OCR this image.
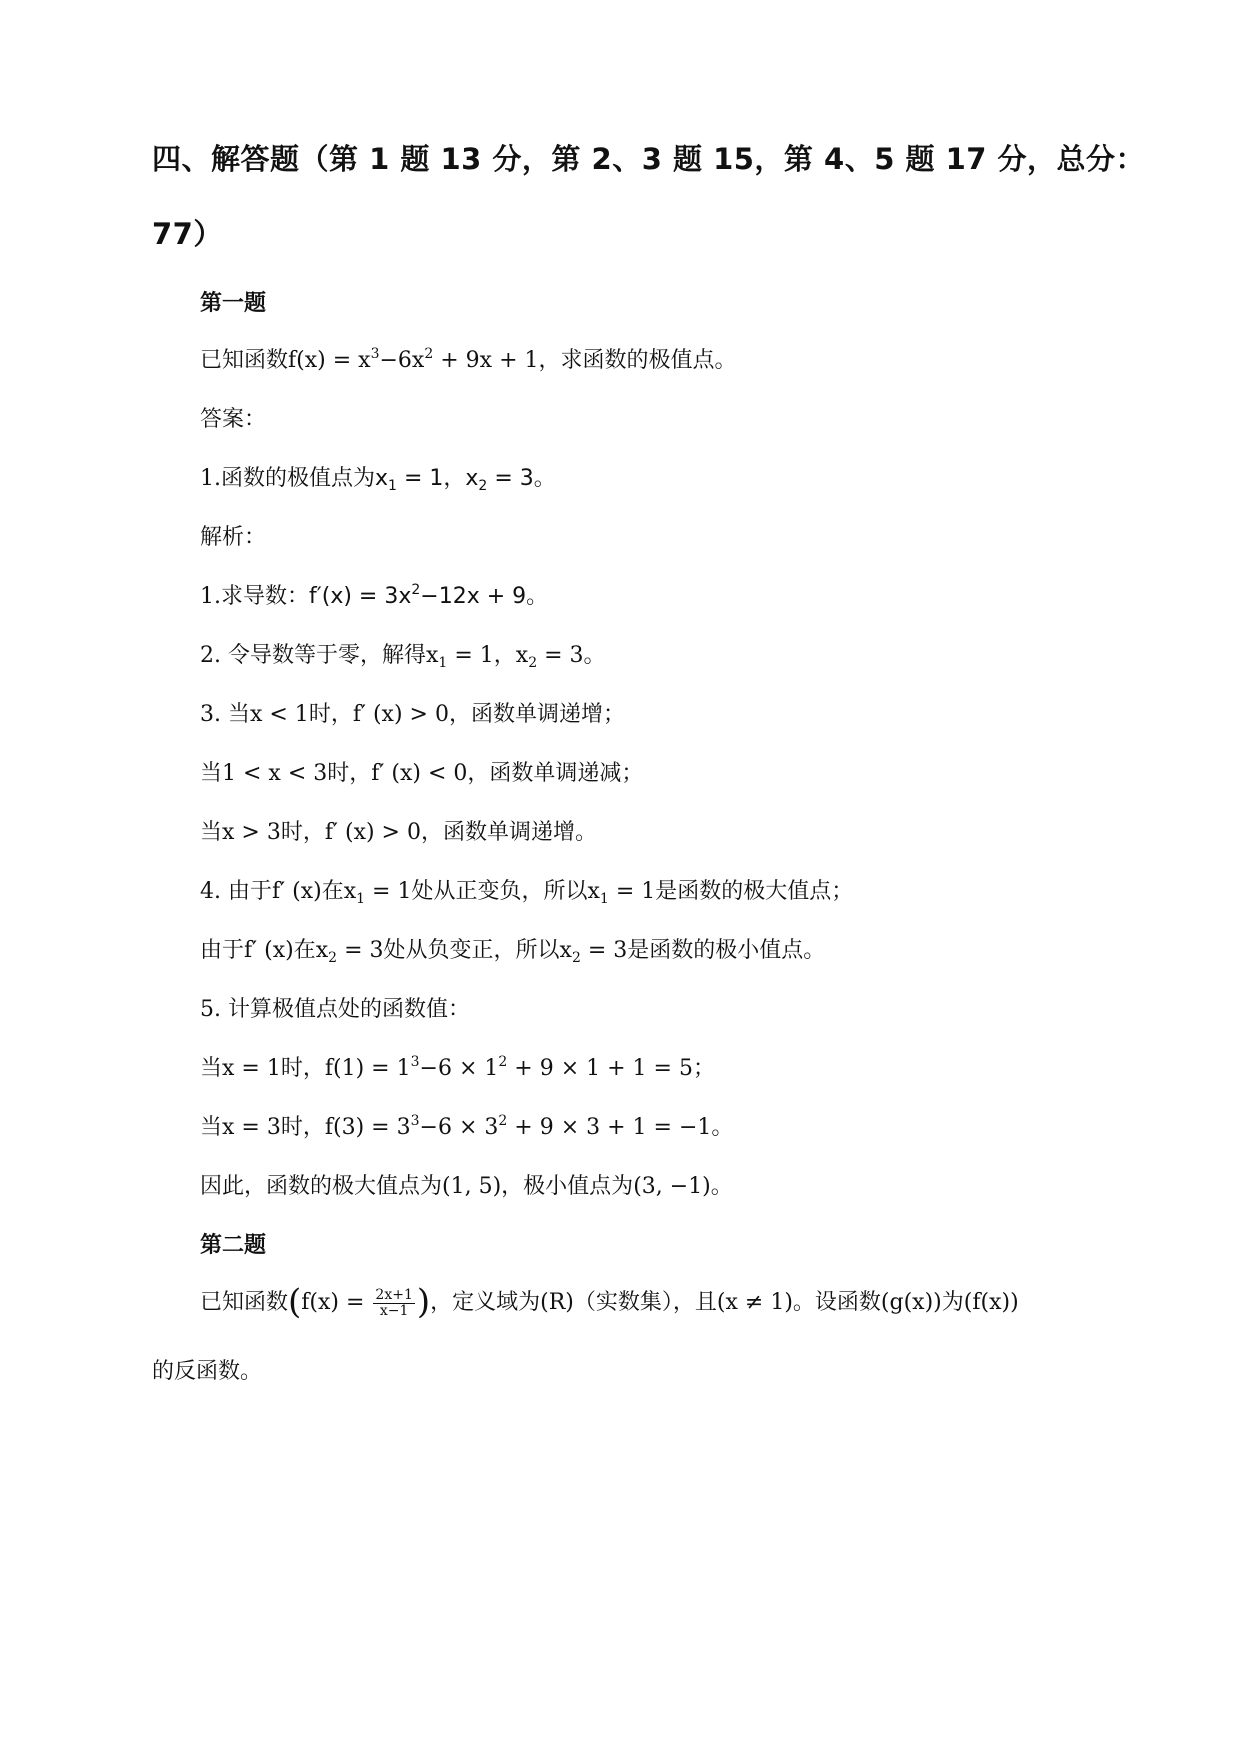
四、解答题（第 1 题 13 分，第 2、3 题 15，第 4、5 题 17 分，总分：
77）
第一题
已知函数$f(x) = x^3-6x^2 + 9x + 1$，求函数的极值点。
答案：
1.函数的极值点为$x_1 = 1$，$x_2 = 3$。
解析：
1.求导数：$f'(x) = 3x^2-12x + 9$。
2. 令导数等于零，解得$x_1 = 1$，$x_2 = 3$。
3. 当x < 1时，f′ (x) > 0，函数单调递增；
当1 < x < 3时，f′ (x) < 0，函数单调递减；
当x > 3时，f′ (x) > 0，函数单调递增。
4. 由于f′ (x)在$x_1 = 1$处从正变负，所以$x_1 = 1$是函数的极大值点；
由于f′ (x)在$x_2 = 3$处从负变正，所以$x_2 = 3$是函数的极小值点。
5. 计算极值点处的函数值：
当x = 1时，$f(1) = 1^3-6 \times 1^2 + 9 \times 1 + 1 = 5$；
当x = 3时，$f(3) = 3^3-6 \times 3^2 + 9 \times 3 + 1 = -1$。
因此，函数的极大值点为(1, 5)，极小值点为(3, −1)。
第二题
已知函数($f(x) = \frac{2x+1}{x-1}$ )，定义域为(R)（实数集），且(x ≠ 1)。设函数(g(x))为(f(x))
的反函数。
